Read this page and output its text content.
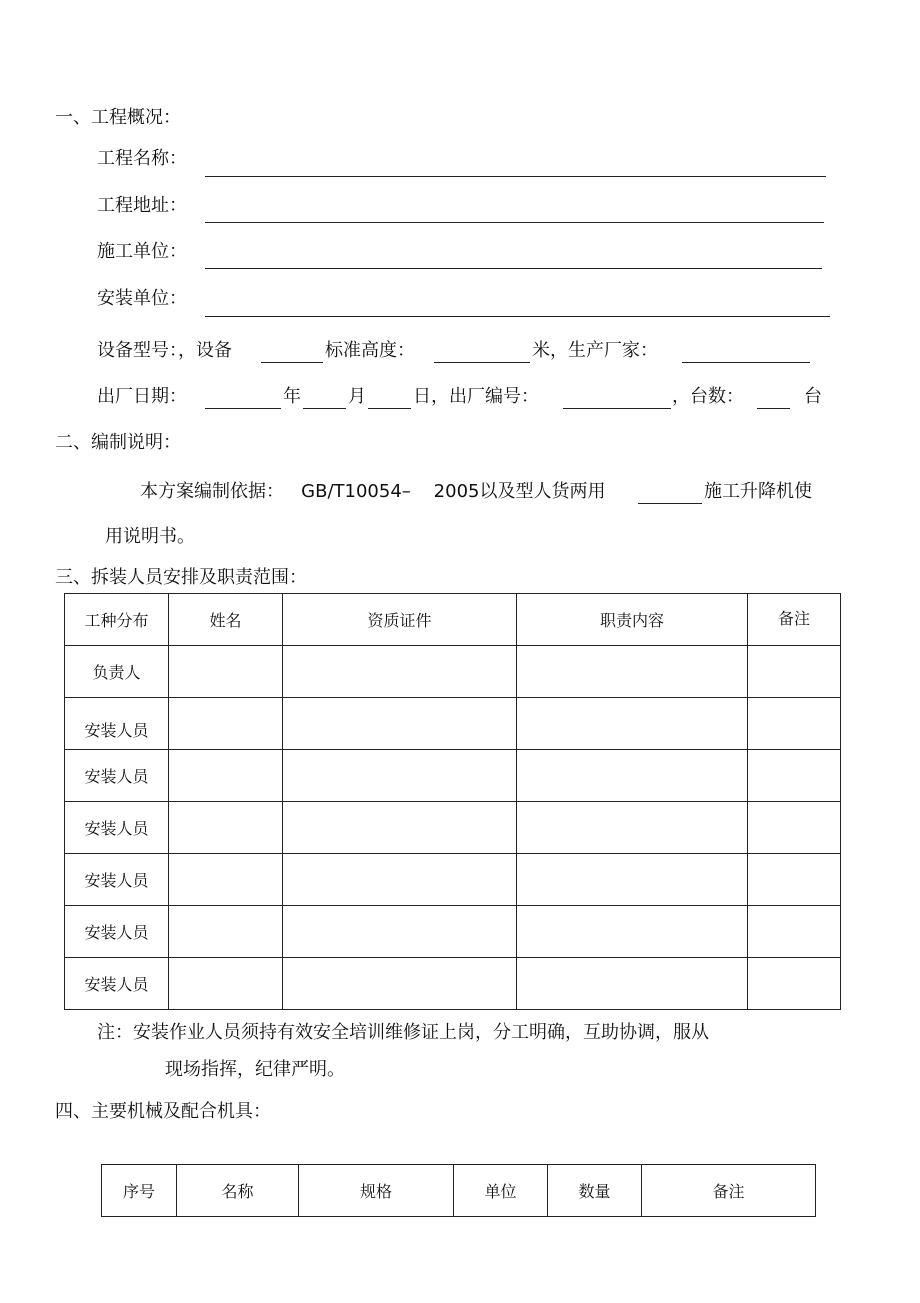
一、工程概况：
工程名称：
工程地址：
施工单位：
安装单位：
设备型号：，设备	标准高度：	米，生产厂家：
出厂日期：	年	月	日，出厂编号：	，台数：	台
二、编制说明：
本方案编制依据：   GB/T10054–    2005以及型人货两用	施工升降机使
用说明书。
三、拆装人员安排及职责范围：
工种分布	姓名	资质证件	职责内容	备注
负责人				
安装人员				
安装人员				
安装人员				
安装人员				
安装人员				
安装人员				
注：安装作业人员须持有效安全培训维修证上岗，分工明确，互助协调，服从
现场指挥，纪律严明。
四、主要机械及配合机具：
序号	名称	规格	单位	数量	备注
